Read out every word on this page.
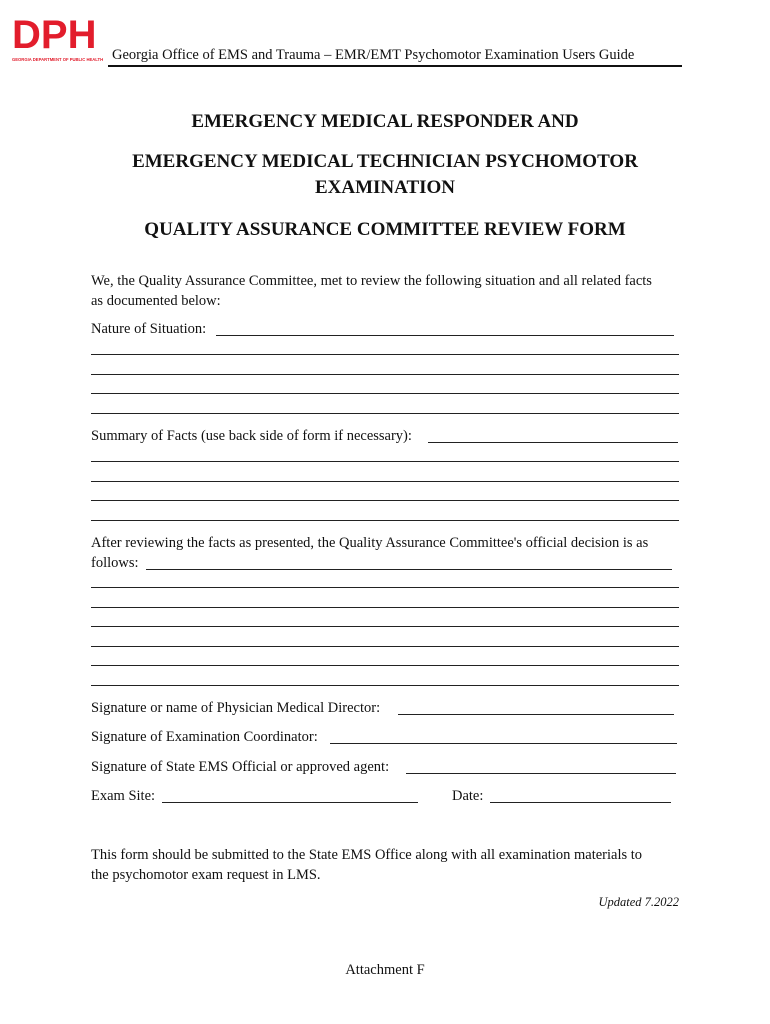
DPH
GEORGIA DEPARTMENT OF PUBLIC HEALTH Georgia Office of EMS and Trauma – EMR/EMT Psychomotor Examination Users Guide
EMERGENCY MEDICAL RESPONDER AND
EMERGENCY MEDICAL TECHNICIAN PSYCHOMOTOR
EXAMINATION
QUALITY ASSURANCE COMMITTEE REVIEW FORM
We, the Quality Assurance Committee, met to review the following situation and all related facts
as documented below:
Nature of Situation:
Summary of Facts (use back side of form if necessary):
After reviewing the facts as presented, the Quality Assurance Committee's official decision is as
follows:
Signature or name of Physician Medical Director:
Signature of Examination Coordinator:
Signature of State EMS Official or approved agent:
Exam Site:	Date:
This form should be submitted to the State EMS Office along with all examination materials to
the psychomotor exam request in LMS.
Updated 7.2022
Attachment F
